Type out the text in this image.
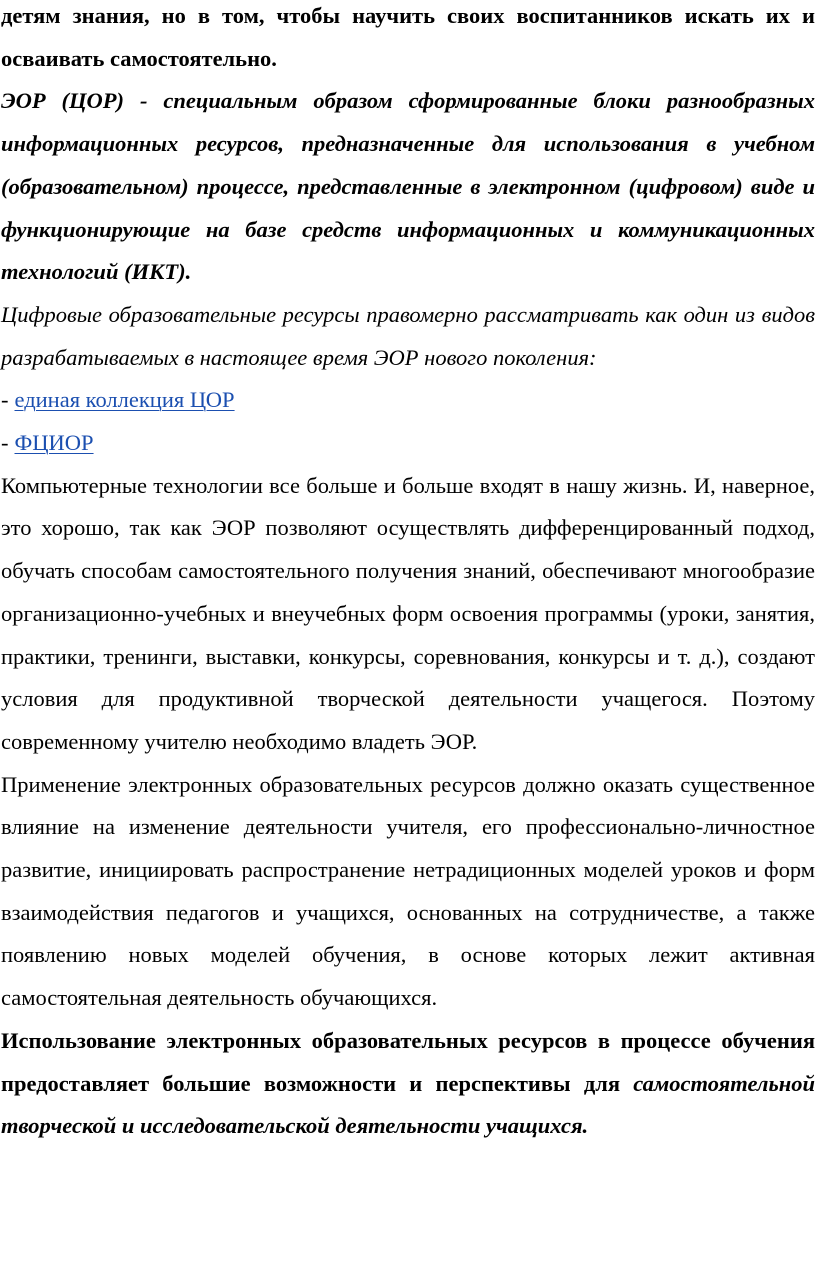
детям знания, но в том, чтобы научить своих воспитанников искать их и

осваивать самостоятельно.

ЭОР (ЦОР) - специальным образом сформированные блоки разнообразных информационных ресурсов, предназначенные для использования в учебном (образовательном) процессе, представленные в электронном (цифровом) виде и функционирующие на базе средств информационных и коммуникационных технологий (ИКТ).

Цифровые образовательные ресурсы правомерно рассматривать как один из видов разрабатываемых в настоящее время ЭОР нового поколения:

- единая коллекция ЦОР

- ФЦИОР

Компьютерные технологии все больше и больше входят в нашу жизнь. И, наверное, это хорошо, так как ЭОР позволяют осуществлять дифференцированный подход, обучать способам самостоятельного получения знаний, обеспечивают многообразие организационно-учебных и внеучебных форм освоения программы (уроки, занятия, практики, тренинги, выставки, конкурсы, соревнования, конкурсы и т. д.), создают условия для продуктивной творческой деятельности учащегося. Поэтому современному учителю необходимо владеть ЭОР.

Применение электронных образовательных ресурсов должно оказать существенное влияние на изменение деятельности учителя, его профессионально-личностное развитие, инициировать распространение нетрадиционных моделей уроков и форм взаимодействия педагогов и учащихся, основанных на сотрудничестве, а также появлению новых моделей обучения, в основе которых лежит активная самостоятельная деятельность обучающихся.

Использование электронных образовательных ресурсов в процессе обучения предоставляет большие возможности и перспективы для самостоятельной творческой и исследовательской деятельности учащихся.
